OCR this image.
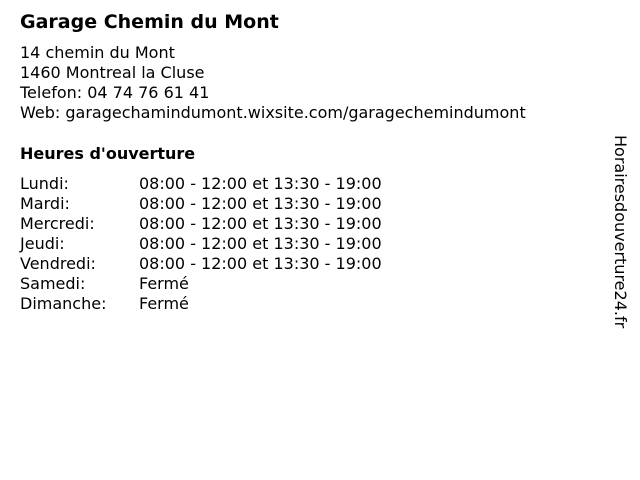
Garage Chemin du Mont
14 chemin du Mont
1460 Montreal la Cluse
Telefon: 04 74 76 61 41
Web: garagechamindumont.wixsite.com/garagechemindumont
Heures d'ouverture
Lundi:	08:00 - 12:00 et 13:30 - 19:00
Mardi:	08:00 - 12:00 et 13:30 - 19:00
Mercredi:	08:00 - 12:00 et 13:30 - 19:00
Jeudi:	08:00 - 12:00 et 13:30 - 19:00
Vendredi:	08:00 - 12:00 et 13:30 - 19:00
Samedi:	Fermé
Dimanche: Fermé	Horairesdouverture24.fr
